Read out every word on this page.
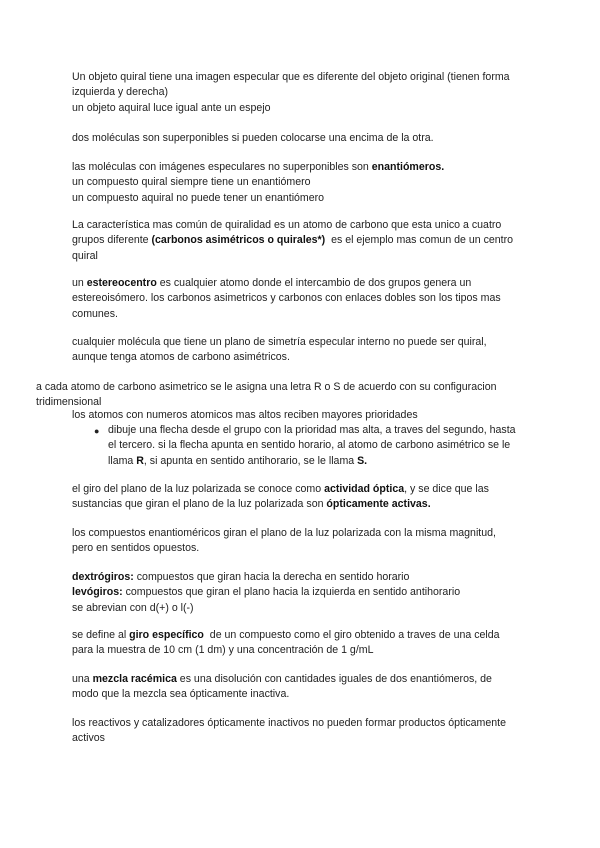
Un objeto quiral tiene una imagen especular que es diferente del objeto original (tienen forma
izquierda y derecha)
un objeto aquiral luce igual ante un espejo
dos moléculas son superponibles si pueden colocarse una encima de la otra.
las moléculas con imágenes especulares no superponibles son enantiómeros.
un compuesto quiral siempre tiene un enantiómero
un compuesto aquiral no puede tener un enantiómero
La característica mas común de quiralidad es un atomo de carbono que esta unico a cuatro
grupos diferente (carbonos asimétricos o quirales*)  es el ejemplo mas comun de un centro
quiral
un estereocentro es cualquier atomo donde el intercambio de dos grupos genera un
estereoisómero. los carbonos asimetricos y carbonos con enlaces dobles son los tipos mas
comunes.
cualquier molécula que tiene un plano de simetría especular interno no puede ser quiral,
aunque tenga atomos de carbono asimétricos.
a cada atomo de carbono asimetrico se le asigna una letra R o S de acuerdo con su configuracion
tridimensional
los atomos con numeros atomicos mas altos reciben mayores prioridades
● dibuje una flecha desde el grupo con la prioridad mas alta, a traves del segundo, hasta
el tercero. si la flecha apunta en sentido horario, al atomo de carbono asimétrico se le
llama R, si apunta en sentido antihorario, se le llama S.
el giro del plano de la luz polarizada se conoce como actividad óptica, y se dice que las
sustancias que giran el plano de la luz polarizada son ópticamente activas.
los compuestos enantioméricos giran el plano de la luz polarizada con la misma magnitud,
pero en sentidos opuestos.
dextrógiros: compuestos que giran hacia la derecha en sentido horario
levógiros: compuestos que giran el plano hacia la izquierda en sentido antihorario
se abrevian con d(+) o l(-)
se define al giro específico  de un compuesto como el giro obtenido a traves de una celda
para la muestra de 10 cm (1 dm) y una concentración de 1 g/mL
una mezcla racémica es una disolución con cantidades iguales de dos enantiómeros, de
modo que la mezcla sea ópticamente inactiva.
los reactivos y catalizadores ópticamente inactivos no pueden formar productos ópticamente
activos
